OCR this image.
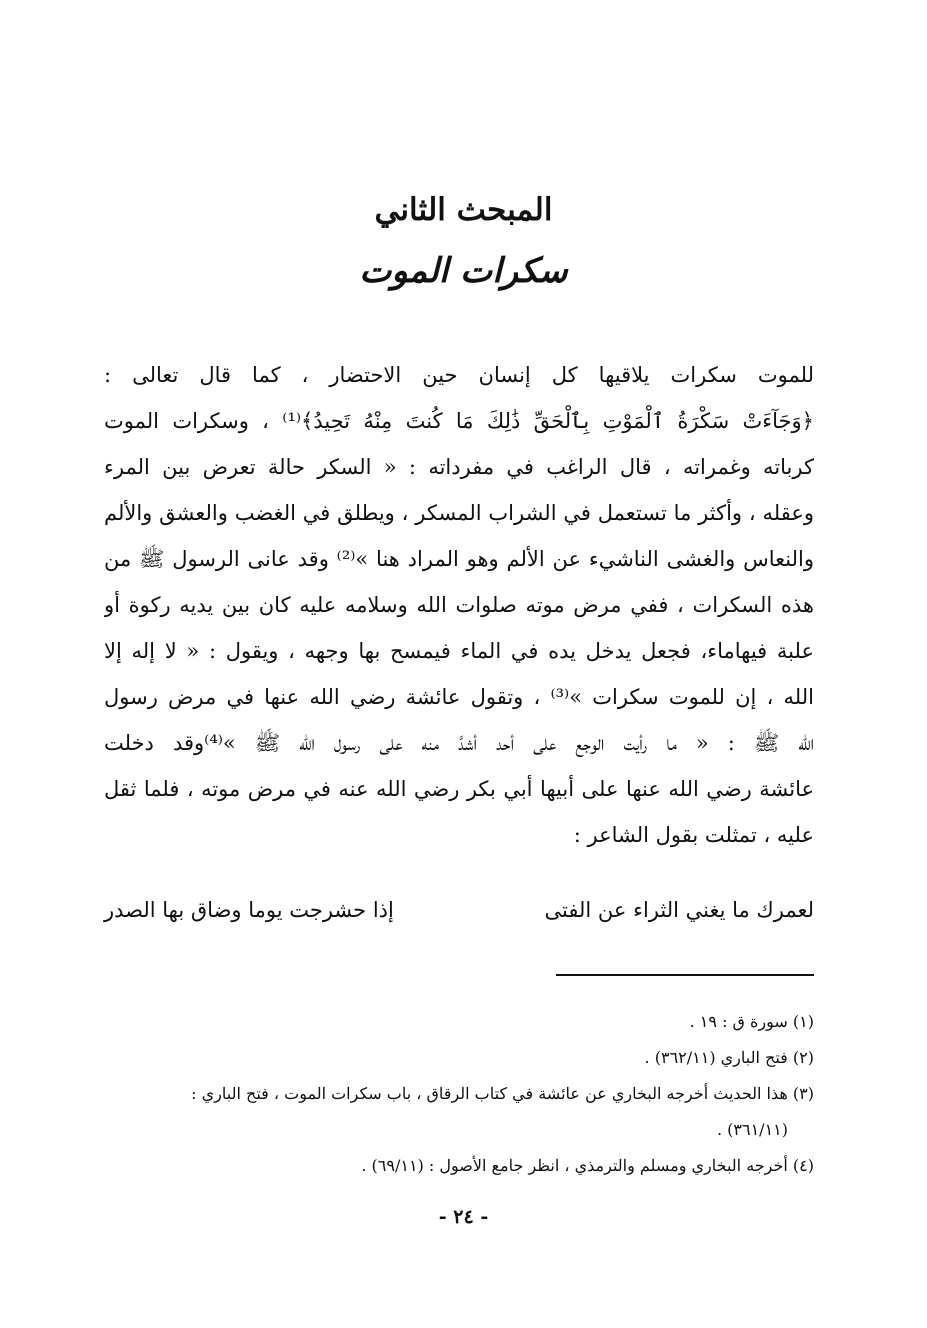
المبحث الثاني
سكرات الموت
للموت سكرات يلاقيها كل إنسان حين الاحتضار ، كما قال تعالى :
﴿وَجَآءَتْ سَكْرَةُ ٱلْمَوْتِ بِٱلْحَقِّ ذَٰلِكَ مَا كُنتَ مِنْهُ تَحِيدُ﴾⁽¹⁾ ، وسكرات الموت
كرباته وغمراته ، قال الراغب في مفرداته : « السكر حالة تعرض بين المرء
وعقله ، وأكثر ما تستعمل في الشراب المسكر ، ويطلق في الغضب والعشق والألم
والنعاس والغشى الناشيء عن الألم وهو المراد هنا »⁽²⁾ وقد عانى الرسول ﷺ من
هذه السكرات ، ففي مرض موته صلوات الله وسلامه عليه كان بين يديه ركوة أو
علبة فيهاماء، فجعل يدخل يده في الماء فيمسح بها وجهه ، ويقول : « لا إله إلا
الله ، إن للموت سكرات »⁽³⁾ ، وتقول عائشة رضي الله عنها في مرض رسول
الله ﷺ : « ما رأيت الوجع على أحد أشدَّ منه على رسول الله ﷺ »⁽⁴⁾وقد دخلت
عائشة رضي الله عنها على أبيها أبي بكر رضي الله عنه في مرض موته ، فلما ثقل
عليه ، تمثلت بقول الشاعر :
لعمرك ما يغني الثراء عن الفتى
إذا حشرجت يوما وضاق بها الصدر
(١) سورة ق : ١٩ .
(٢) فتح الباري (٣٦٢/١١) .
(٣) هذا الحديث أخرجه البخاري عن عائشة في كتاب الرقاق ، باب سكرات الموت ، فتح الباري :
(٣٦١/١١) .
(٤) أخرجه البخاري ومسلم والترمذي ، انظر جامع الأصول : (٦٩/١١) .
- ٢٤ -
